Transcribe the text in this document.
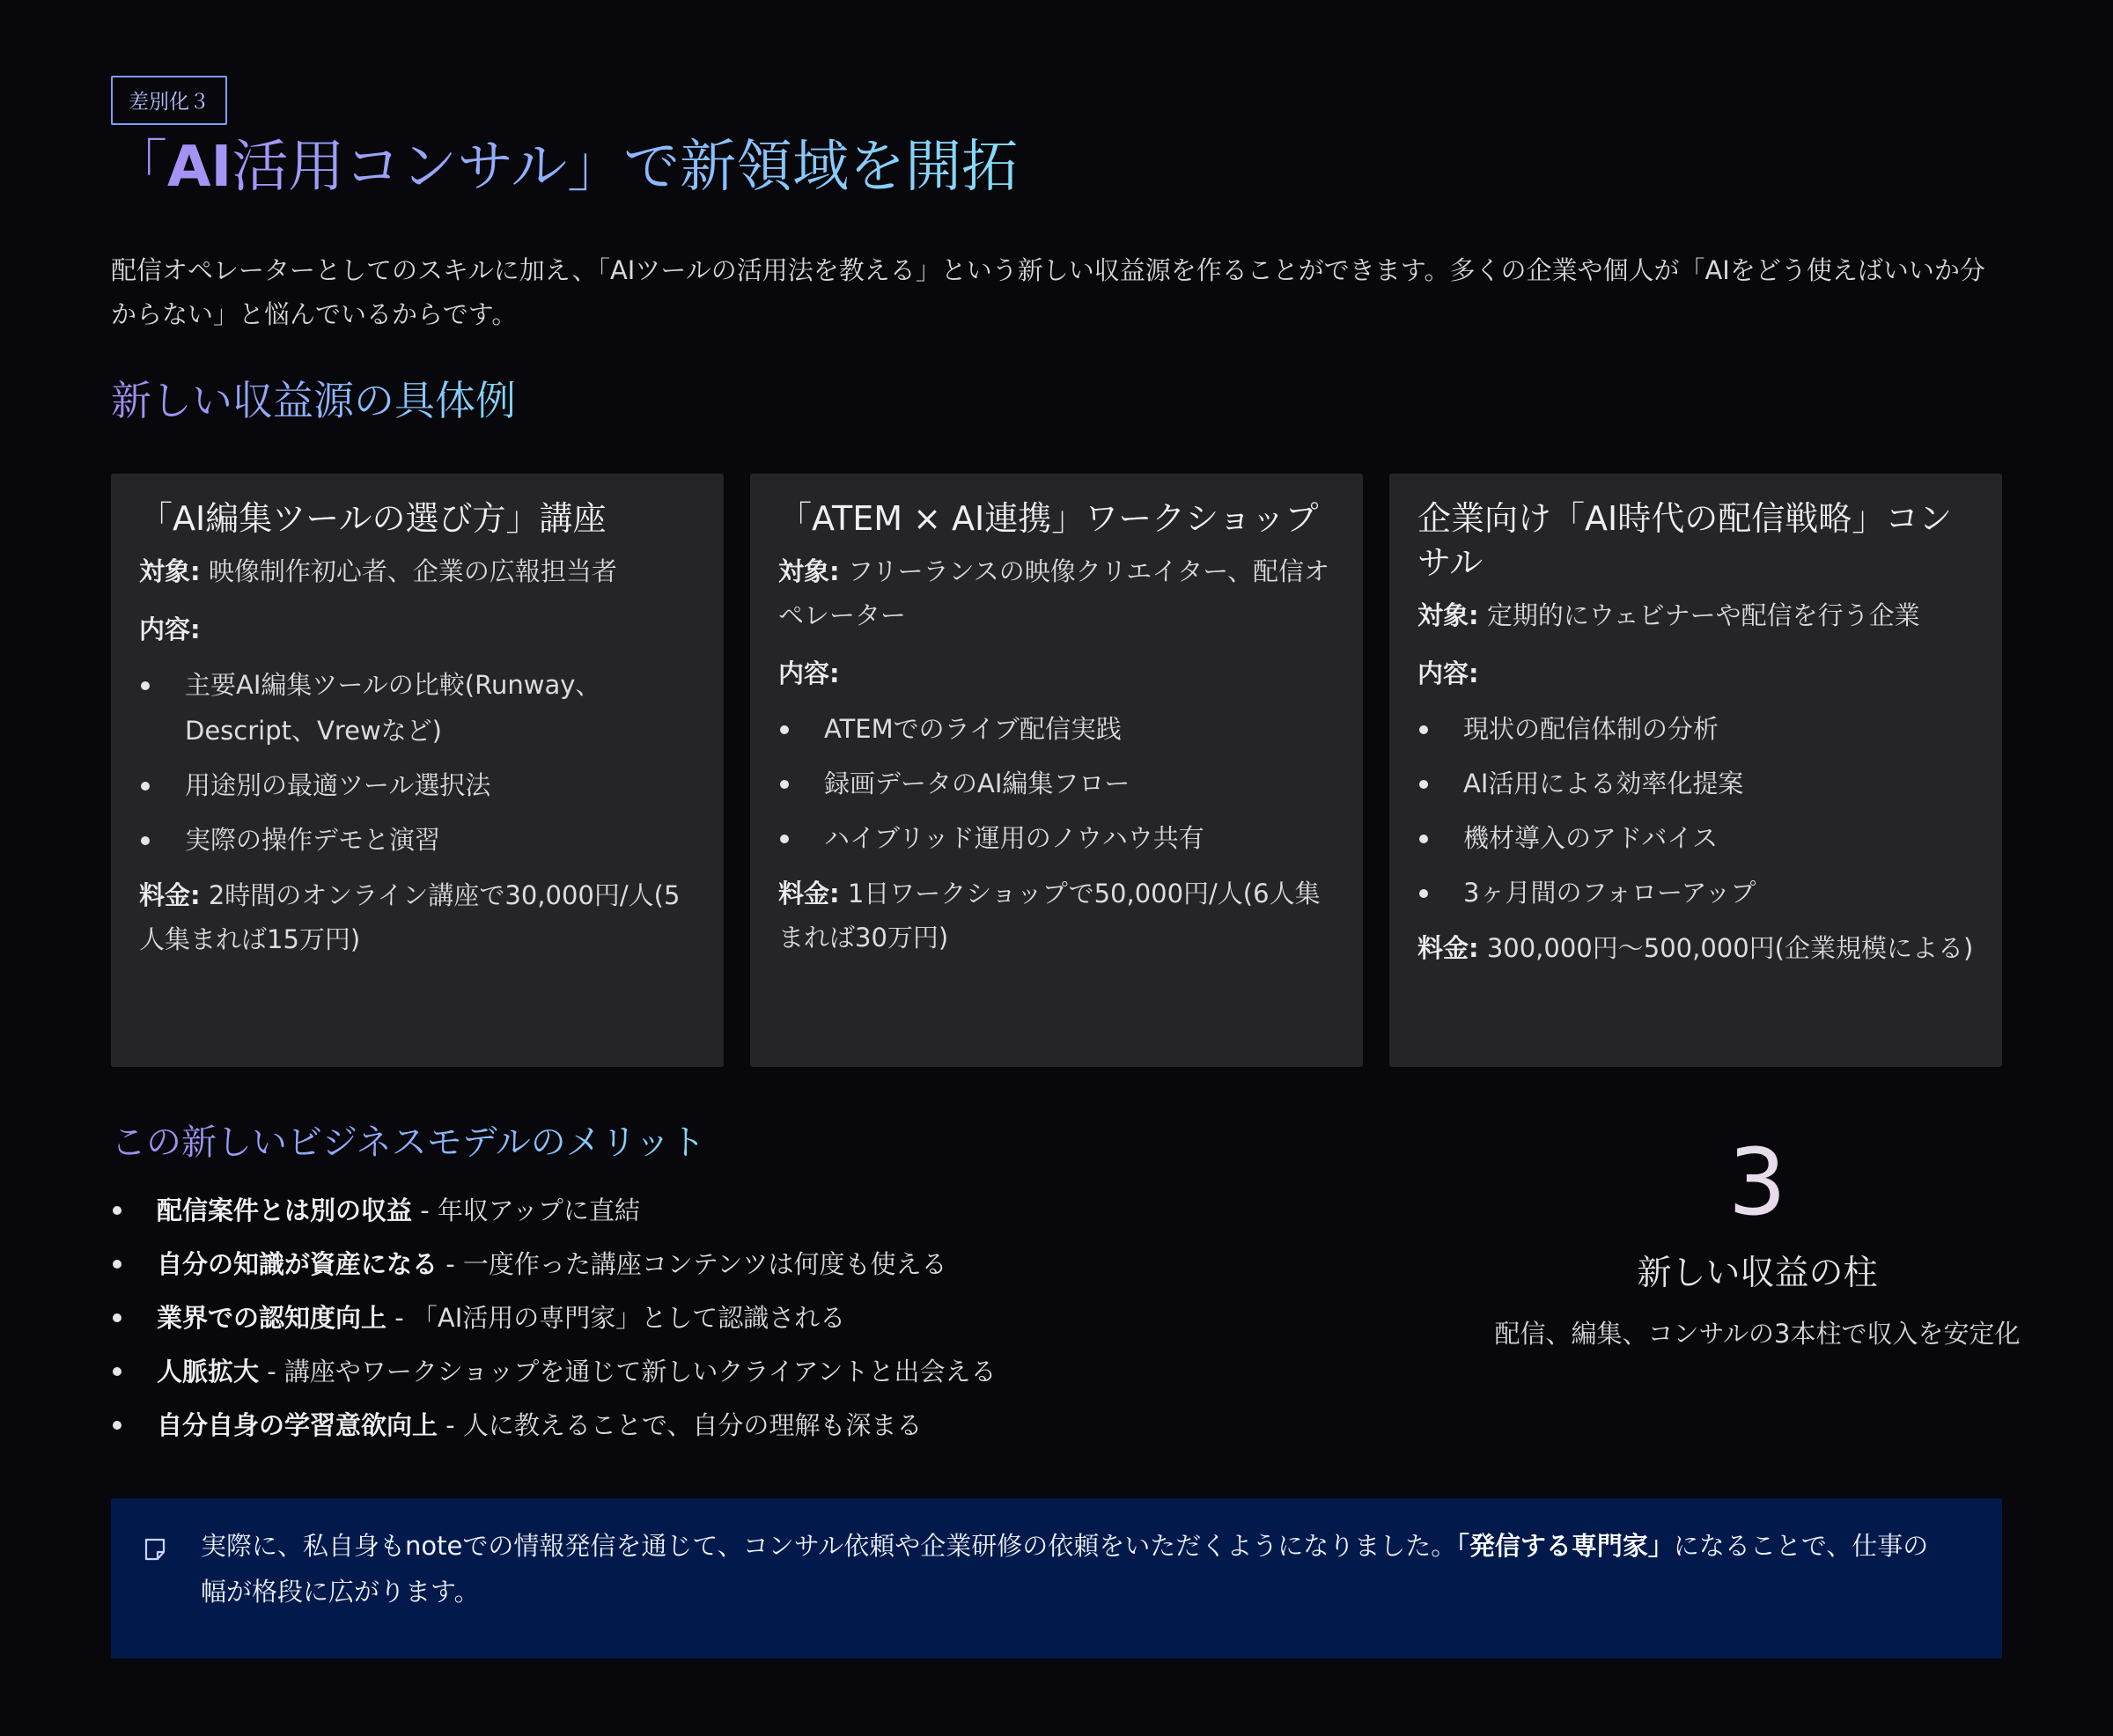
差別化３
「AI活用コンサル」で新領域を開拓

配信オペレーターとしてのスキルに加え、「AIツールの活用法を教える」という新しい収益源を作ることができます。多くの企業や個人が「AIをどう使えばいいか分からない」と悩んでいるからです。

新しい収益源の具体例
「AI編集ツールの選び方」講座

対象: 映像制作初心者、企業の広報担当者

内容:

主要AI編集ツールの比較(Runway、Descript、Vrewなど)
用途別の最適ツール選択法
実際の操作デモと演習

料金: 2時間のオンライン講座で30,000円/人(5人集まれば15万円)

「ATEM × AI連携」ワークショップ

対象: フリーランスの映像クリエイター、配信オペレーター

内容:

ATEMでのライブ配信実践
録画データのAI編集フロー
ハイブリッド運用のノウハウ共有

料金: 1日ワークショップで50,000円/人(6人集まれば30万円)

企業向け「AI時代の配信戦略」コンサル

対象: 定期的にウェビナーや配信を行う企業

内容:

現状の配信体制の分析
AI活用による効率化提案
機材導入のアドバイス
3ヶ月間のフォローアップ

料金: 300,000円〜500,000円(企業規模による)

この新しいビジネスモデルのメリット
配信案件とは別の収益 - 年収アップに直結
自分の知識が資産になる - 一度作った講座コンテンツは何度も使える
業界での認知度向上 - 「AI活用の専門家」として認識される
人脈拡大 - 講座やワークショップを通じて新しいクライアントと出会える
自分自身の学習意欲向上 - 人に教えることで、自分の理解も深まる
3
新しい収益の柱
配信、編集、コンサルの3本柱で収入を安定化

実際に、私自身もnoteでの情報発信を通じて、コンサル依頼や企業研修の依頼をいただくようになりました。「発信する専門家」になることで、仕事の幅が格段に広がります。
